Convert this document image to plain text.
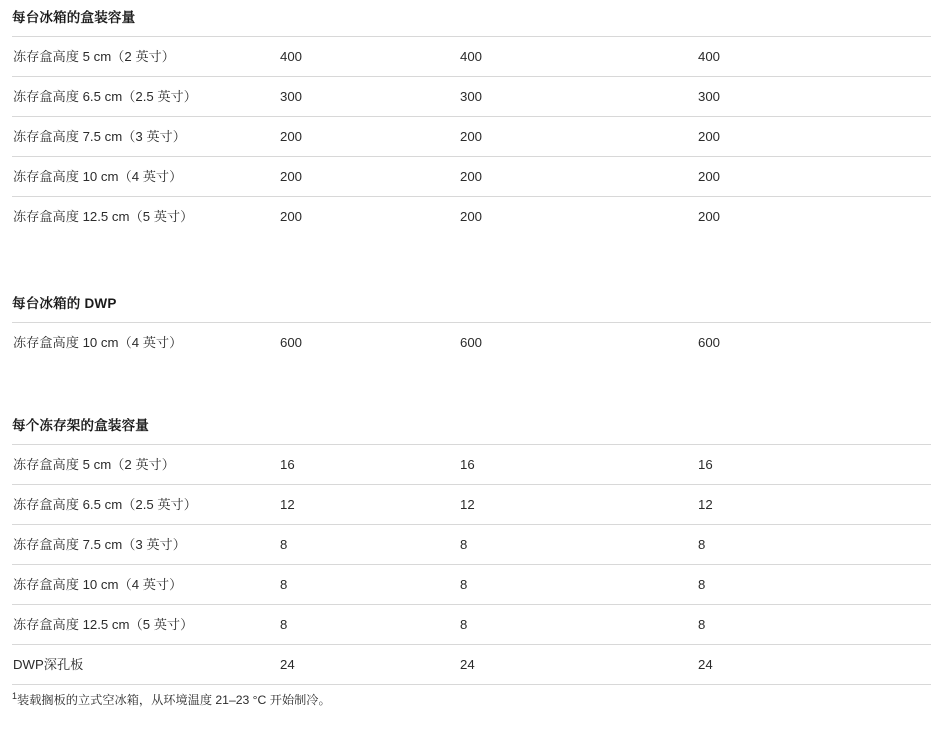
每台冰箱的盒装容量
冻存盒高度 5 cm（2 英寸）	400	400	400
冻存盒高度 6.5 cm（2.5 英寸）	300	300	300
冻存盒高度 7.5 cm（3 英寸）	200	200	200
冻存盒高度 10 cm（4 英寸）	200	200	200
冻存盒高度 12.5 cm（5 英寸）	200	200	200
每台冰箱的 DWP
冻存盒高度 10 cm（4 英寸）	600	600	600
每个冻存架的盒装容量
冻存盒高度 5 cm（2 英寸）	16	16	16
冻存盒高度 6.5 cm（2.5 英寸）	12	12	12
冻存盒高度 7.5 cm（3 英寸）	8	8	8
冻存盒高度 10 cm（4 英寸）	8	8	8
冻存盒高度 12.5 cm（5 英寸）	8	8	8
DWP深孔板	24	24	24
$^1$装载搁板的立式空冰箱，从环境温度 21–23 °C 开始制冷。
